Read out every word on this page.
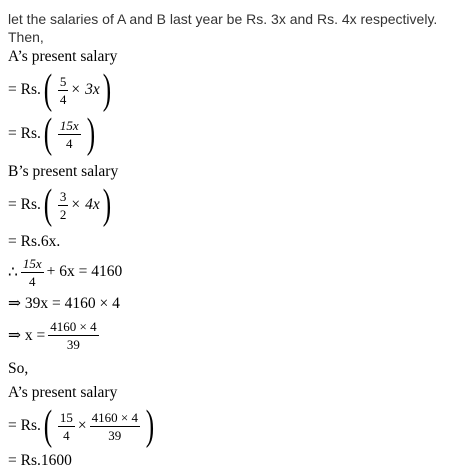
let the salaries of A and B last year be Rs. 3x and Rs. 4x respectively.
Then,
A’s present salary
= Rs. ( $\frac{5}{4} \times 3x$ )
= Rs. ( $\frac{15x}{4}$ )
B’s present salary
= Rs. ( $\frac{3}{2} \times 4x$ )
= Rs.6x.
∴ $\frac{15x}{4} + 6x = 4160$
⇒ 39x = 4160 × 4
⇒ $x = \frac{4160 \times 4}{39}$
So,
A’s present salary
= Rs. ( $\frac{15}{4} \times \frac{4160 \times 4}{39}$ )
= Rs.1600
